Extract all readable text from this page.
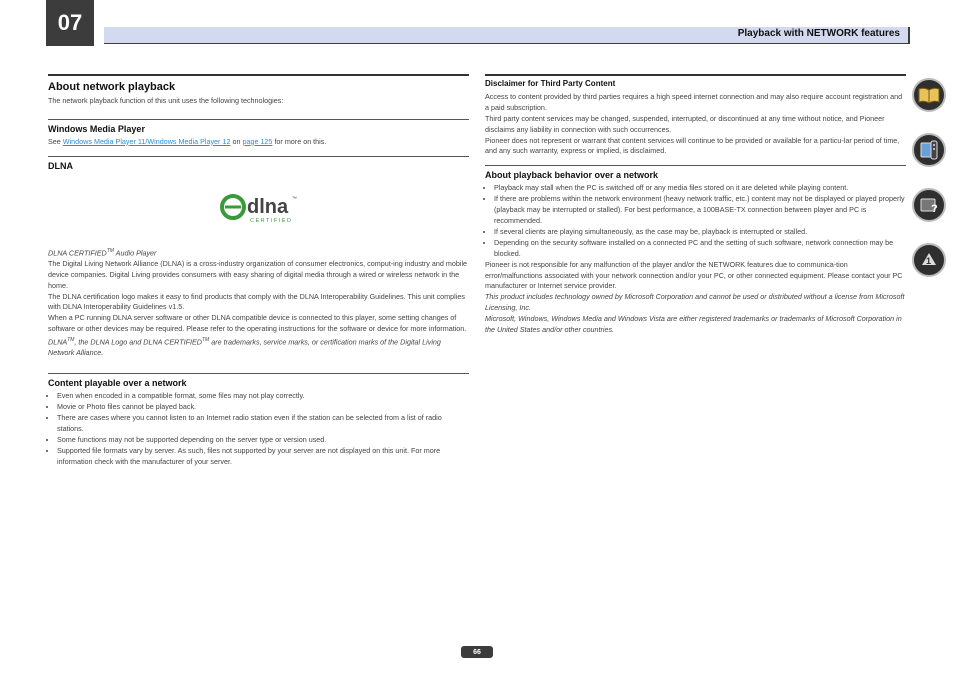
07	Playback with NETWORK features
About network playback

The network playback function of this unit uses the following technologies:

Windows Media Player

See Windows Media Player 11/Windows Media Player 12 on page 125 for more on this.

DLNA
dlna ™
CERTIFIED

DLNA CERTIFIED™ Audio Player

The Digital Living Network Alliance (DLNA) is a cross-industry organization of consumer electronics, comput-ing industry and mobile device companies. Digital Living provides consumers with easy sharing of digital media through a wired or wireless network in the home.

The DLNA certification logo makes it easy to find products that comply with the DLNA Interoperability Guidelines. This unit complies with DLNA Interoperability Guidelines v1.5.

When a PC running DLNA server software or other DLNA compatible device is connected to this player, some setting changes of software or other devices may be required. Please refer to the operating instructions for the software or device for more information.

DLNA™, the DLNA Logo and DLNA CERTIFIED™ are trademarks, service marks, or certification marks of the Digital Living Network Alliance.

Content playable over a network
• Even when encoded in a compatible format, some files may not play correctly.
• Movie or Photo files cannot be played back.
• There are cases where you cannot listen to an Internet radio station even if the station can be selected from a list of radio stations.
• Some functions may not be supported depending on the server type or version used.
• Supported file formats vary by server. As such, files not supported by your server are not displayed on this unit. For more information check with the manufacturer of your server.
Disclaimer for Third Party Content

Access to content provided by third parties requires a high speed internet connection and may also require account registration and a paid subscription.

Third party content services may be changed, suspended, interrupted, or discontinued at any time without notice, and Pioneer disclaims any liability in connection with such occurrences.

Pioneer does not represent or warrant that content services will continue to be provided or available for a particu-lar period of time, and any such warranty, express or implied, is disclaimed.

About playback behavior over a network
• Playback may stall when the PC is switched off or any media files stored on it are deleted while playing content.
• If there are problems within the network environment (heavy network traffic, etc.) content may not be displayed or played properly (playback may be interrupted or stalled). For best performance, a 100BASE-TX connection between player and PC is recommended.
• If several clients are playing simultaneously, as the case may be, playback is interrupted or stalled.
• Depending on the security software installed on a connected PC and the setting of such software, network connection may be blocked.

Pioneer is not responsible for any malfunction of the player and/or the NETWORK features due to communica-tion error/malfunctions associated with your network connection and/or your PC, or other connected equipment. Please contact your PC manufacturer or Internet service provider.

This product includes technology owned by Microsoft Corporation and cannot be used or distributed without a license from Microsoft Licensing, Inc.

Microsoft, Windows, Windows Media and Windows Vista are either registered trademarks or trademarks of Microsoft Corporation in the United States and/or other countries.

?
1
66
